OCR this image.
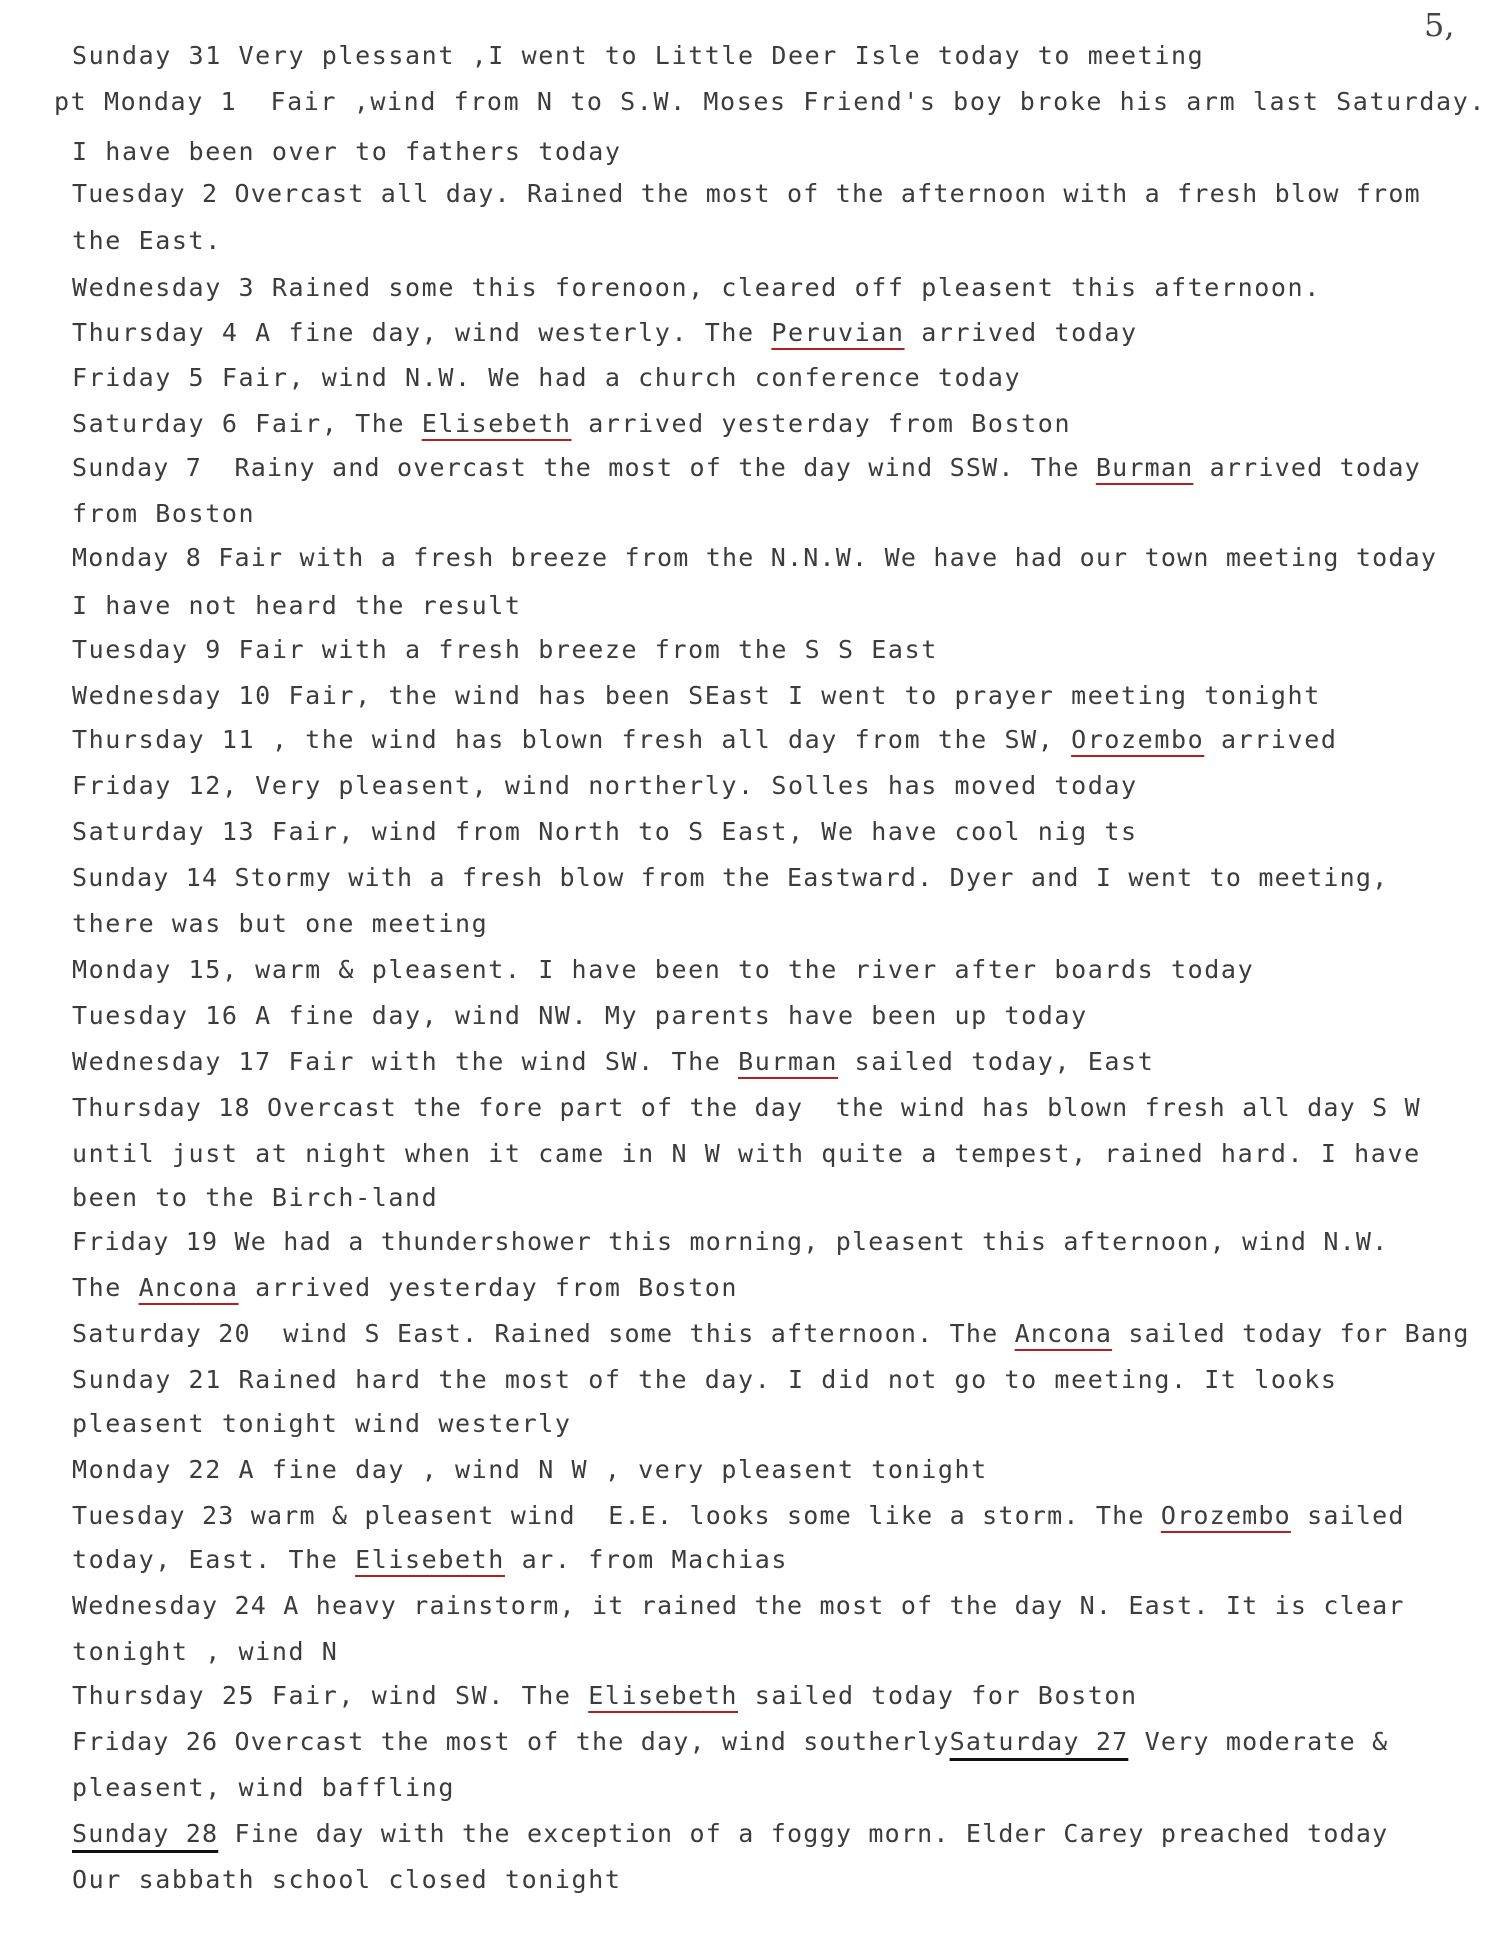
5,
Sunday 31 Very plessant ,I went to Little Deer Isle today to meeting
pt Monday 1  Fair ,wind from N to S.W. Moses Friend's boy broke his arm last Saturday.
I have been over to fathers today
Tuesday 2 Overcast all day. Rained the most of the afternoon with a fresh blow from
the East.
Wednesday 3 Rained some this forenoon, cleared off pleasent this afternoon.
Thursday 4 A fine day, wind westerly. The Peruvian arrived today
Friday 5 Fair, wind N.W. We had a church conference today
Saturday 6 Fair, The Elisebeth arrived yesterday from Boston
Sunday 7  Rainy and overcast the most of the day wind SSW. The Burman arrived today
from Boston
Monday 8 Fair with a fresh breeze from the N.N.W. We have had our town meeting today
I have not heard the result
Tuesday 9 Fair with a fresh breeze from the S S East
Wednesday 10 Fair, the wind has been SEast I went to prayer meeting tonight
Thursday 11 , the wind has blown fresh all day from the SW, Orozembo arrived
Friday 12, Very pleasent, wind northerly. Solles has moved today
Saturday 13 Fair, wind from North to S East, We have cool nig ts
Sunday 14 Stormy with a fresh blow from the Eastward. Dyer and I went to meeting,
there was but one meeting
Monday 15, warm & pleasent. I have been to the river after boards today
Tuesday 16 A fine day, wind NW. My parents have been up today
Wednesday 17 Fair with the wind SW. The Burman sailed today, East
Thursday 18 Overcast the fore part of the day  the wind has blown fresh all day S W
until just at night when it came in N W with quite a tempest, rained hard. I have
been to the Birch-land
Friday 19 We had a thundershower this morning, pleasent this afternoon, wind N.W.
The Ancona arrived yesterday from Boston
Saturday 20  wind S East. Rained some this afternoon. The Ancona sailed today for Bang
Sunday 21 Rained hard the most of the day. I did not go to meeting. It looks
pleasent tonight wind westerly
Monday 22 A fine day , wind N W , very pleasent tonight
Tuesday 23 warm & pleasent wind  E.E. looks some like a storm. The Orozembo sailed
today, East. The Elisebeth ar. from Machias
Wednesday 24 A heavy rainstorm, it rained the most of the day N. East. It is clear
tonight , wind N
Thursday 25 Fair, wind SW. The Elisebeth sailed today for Boston
Friday 26 Overcast the most of the day, wind southerlySaturday 27 Very moderate &
pleasent, wind baffling
Sunday 28 Fine day with the exception of a foggy morn. Elder Carey preached today
Our sabbath school closed tonight
